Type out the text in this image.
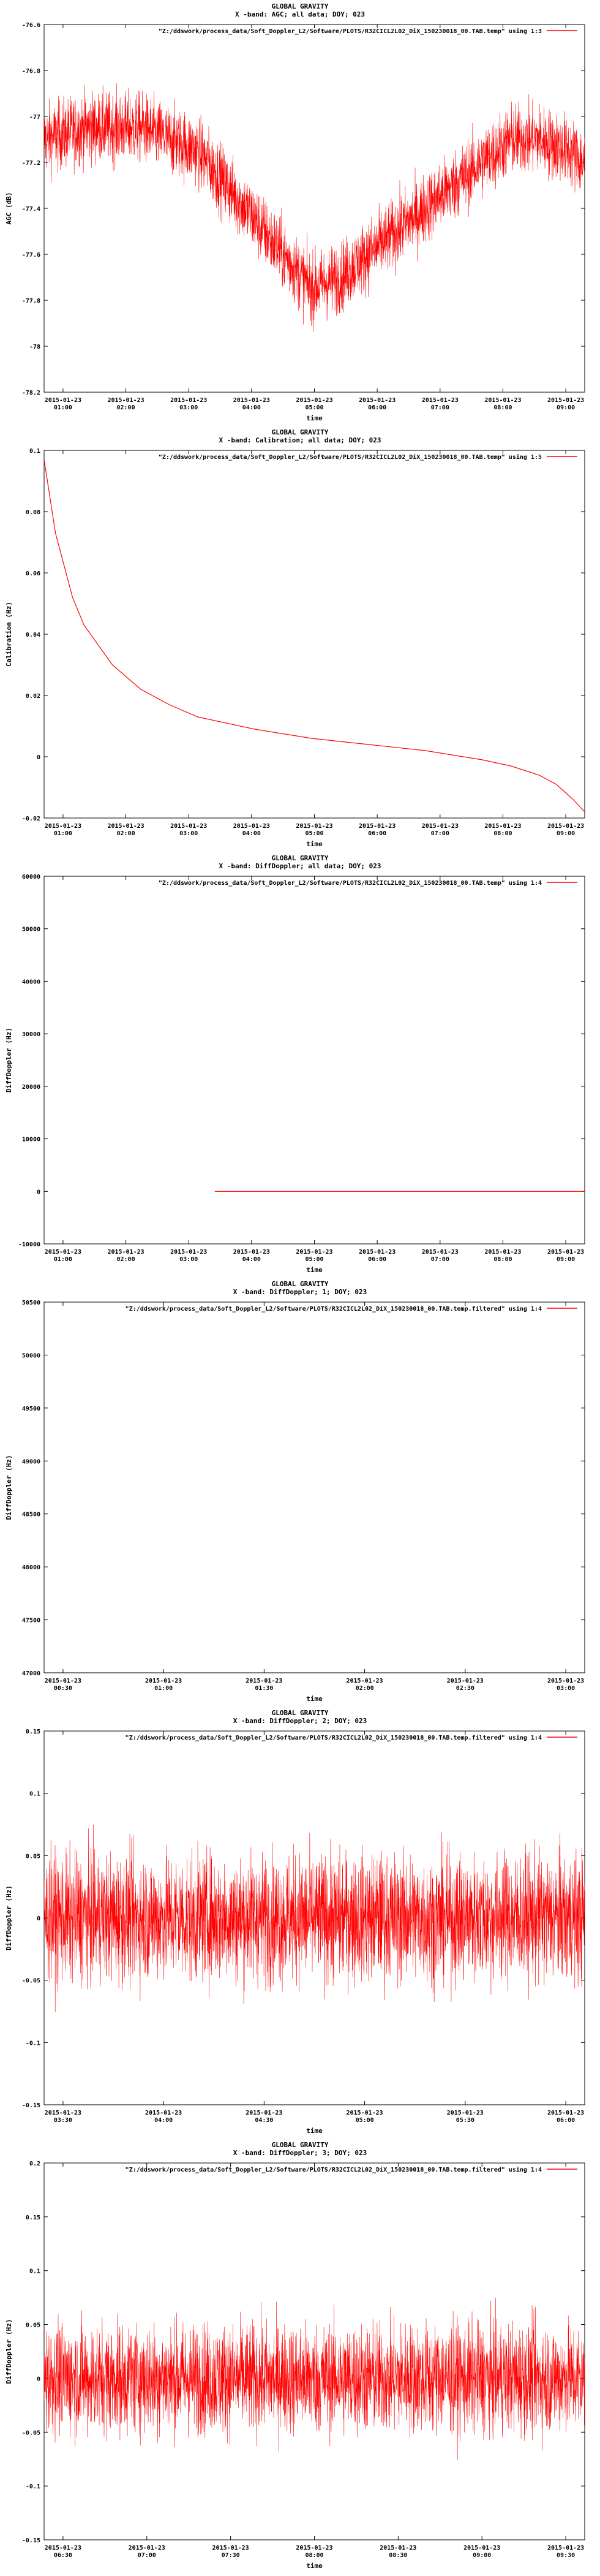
GLOBAL GRAVITY
X -band: AGC; all data; DOY; 023
"Z:/ddswork/process_data/Soft_Doppler_L2/Software/PLOTS/R32CICL2L02_DiX_150230018_00.TAB.temp" using 1:3
-78.2
-78
-77.8
-77.6
-77.4
-77.2
-77
-76.8
-76.6
2015-01-23 01:00
2015-01-23 02:00
2015-01-23 03:00
2015-01-23 04:00
2015-01-23 05:00
2015-01-23 06:00
2015-01-23 07:00
2015-01-23 08:00
2015-01-23 09:00
time
AGC (dB)
GLOBAL GRAVITY
X -band: Calibration; all data; DOY; 023
"Z:/ddswork/process_data/Soft_Doppler_L2/Software/PLOTS/R32CICL2L02_DiX_150230018_00.TAB.temp" using 1:5
-0.02
0
0.02
0.04
0.06
0.08
0.1
2015-01-23 01:00
2015-01-23 02:00
2015-01-23 03:00
2015-01-23 04:00
2015-01-23 05:00
2015-01-23 06:00
2015-01-23 07:00
2015-01-23 08:00
2015-01-23 09:00
time
Calibration (Hz)
GLOBAL GRAVITY
X -band: DiffDoppler; all data; DOY; 023
"Z:/ddswork/process_data/Soft_Doppler_L2/Software/PLOTS/R32CICL2L02_DiX_150230018_00.TAB.temp" using 1:4
-10000
0
10000
20000
30000
40000
50000
60000
2015-01-23 01:00
2015-01-23 02:00
2015-01-23 03:00
2015-01-23 04:00
2015-01-23 05:00
2015-01-23 06:00
2015-01-23 07:00
2015-01-23 08:00
2015-01-23 09:00
time
DiffDoppler (Hz)
GLOBAL GRAVITY
X -band: DiffDoppler; 1; DOY; 023
"Z:/ddswork/process_data/Soft_Doppler_L2/Software/PLOTS/R32CICL2L02_DiX_150230018_00.TAB.temp.filtered" using 1:4
47000
47500
48000
48500
49000
49500
50000
50500
2015-01-23 00:30
2015-01-23 01:00
2015-01-23 01:30
2015-01-23 02:00
2015-01-23 02:30
2015-01-23 03:00
time
DiffDoppler (Hz)
GLOBAL GRAVITY
X -band: DiffDoppler; 2; DOY; 023
"Z:/ddswork/process_data/Soft_Doppler_L2/Software/PLOTS/R32CICL2L02_DiX_150230018_00.TAB.temp.filtered" using 1:4
-0.15
-0.1
-0.05
0
0.05
0.1
0.15
2015-01-23 03:30
2015-01-23 04:00
2015-01-23 04:30
2015-01-23 05:00
2015-01-23 05:30
2015-01-23 06:00
time
DiffDoppler (Hz)
GLOBAL GRAVITY
X -band: DiffDoppler; 3; DOY; 023
"Z:/ddswork/process_data/Soft_Doppler_L2/Software/PLOTS/R32CICL2L02_DiX_150230018_00.TAB.temp.filtered" using 1:4
-0.15
-0.1
-0.05
0
0.05
0.1
0.15
0.2
2015-01-23 06:30
2015-01-23 07:00
2015-01-23 07:30
2015-01-23 08:00
2015-01-23 08:30
2015-01-23 09:00
2015-01-23 09:30
time
DiffDoppler (Hz)
